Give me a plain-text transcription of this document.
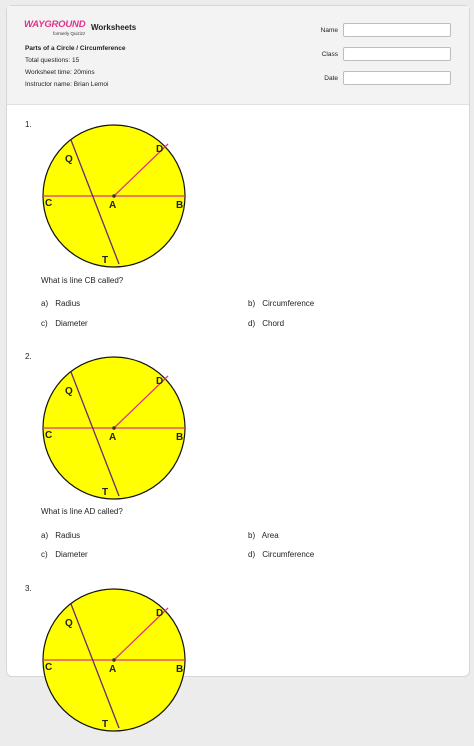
WAYGROUND
formerly Quizizz
Worksheets
Parts of a Circle / Circumference
Total questions: 15
Worksheet time: 20mins
Instructor name: Brian Lemoi
Name
Class
Date
1.
Q
D
C	A	B
T
What is line CB called?
a) Radius	b) Circumference
c) Diameter	d) Chord
2.
Q
D
C	A	B
T
What is line AD called?
a) Radius	b) Area
c) Diameter	d) Circumference
3.
Q
D
C	A	B
T
